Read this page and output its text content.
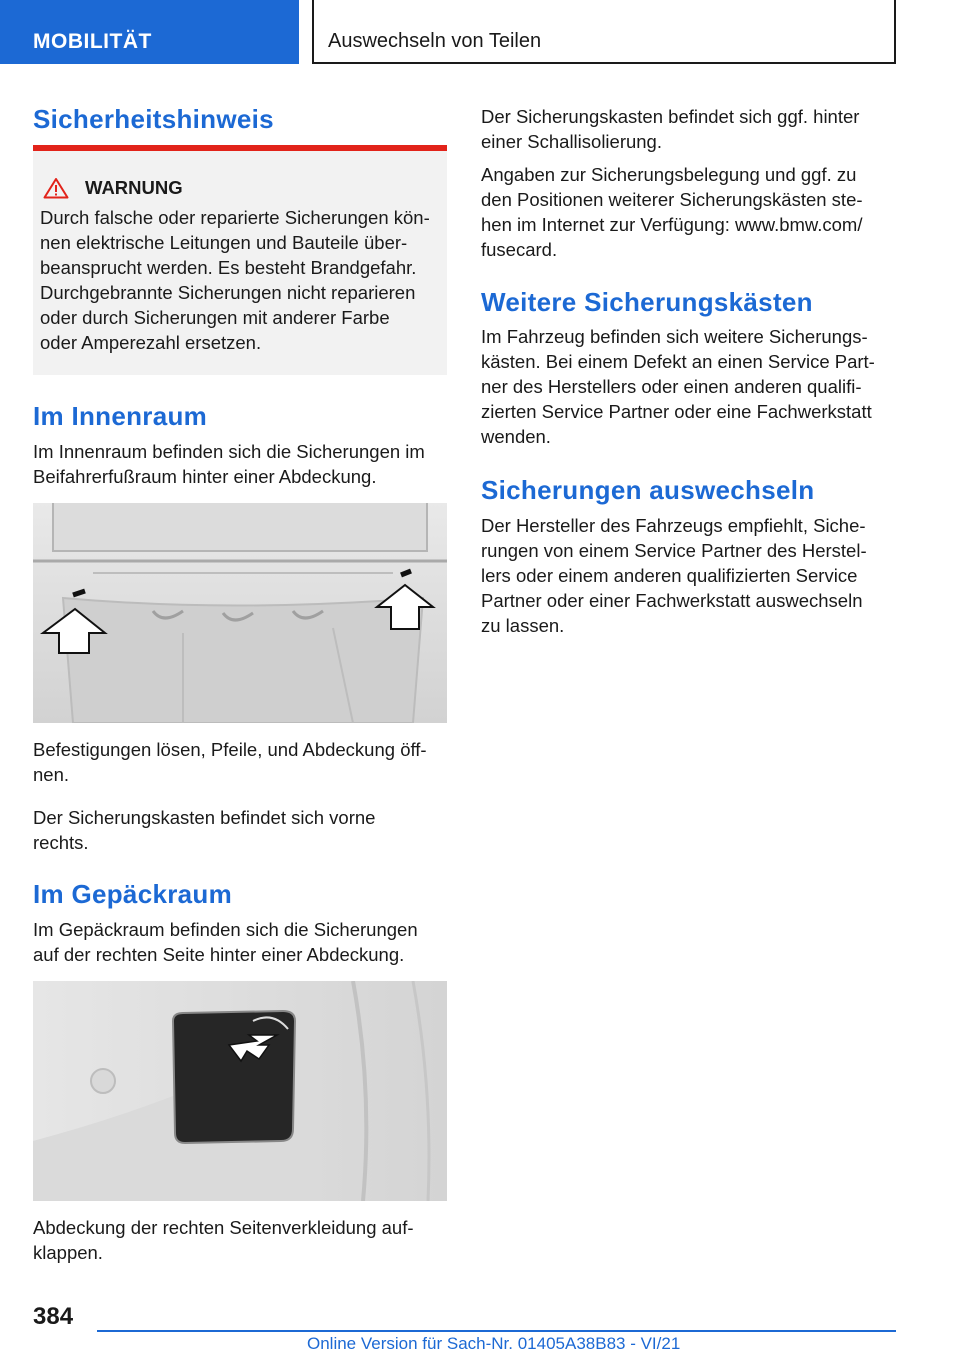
MOBILITÄT	Auswechseln von Teilen
Sicherheitshinweis
WARNUNG
Durch falsche oder reparierte Sicherungen kön-
nen elektrische Leitungen und Bauteile über-
beansprucht werden. Es besteht Brandgefahr.
Durchgebrannte Sicherungen nicht reparieren
oder durch Sicherungen mit anderer Farbe
oder Amperezahl ersetzen.
Im Innenraum

Im Innenraum befinden sich die Sicherungen im
Beifahrerfußraum hinter einer Abdeckung.

Befestigungen lösen, Pfeile, und Abdeckung öff-
nen.

Der Sicherungskasten befindet sich vorne
rechts.

Im Gepäckraum

Im Gepäckraum befinden sich die Sicherungen
auf der rechten Seite hinter einer Abdeckung.

Abdeckung der rechten Seitenverkleidung auf-
klappen.

Der Sicherungskasten befindet sich ggf. hinter
einer Schallisolierung.

Angaben zur Sicherungsbelegung und ggf. zu
den Positionen weiterer Sicherungskästen ste-
hen im Internet zur Verfügung: www.bmw.com/
fusecard.

Weitere Sicherungskästen

Im Fahrzeug befinden sich weitere Sicherungs-
kästen. Bei einem Defekt an einen Service Part-
ner des Herstellers oder einen anderen qualifi-
zierten Service Partner oder eine Fachwerkstatt
wenden.

Sicherungen auswechseln

Der Hersteller des Fahrzeugs empfiehlt, Siche-
rungen von einem Service Partner des Herstel-
lers oder einem anderen qualifizierten Service
Partner oder einer Fachwerkstatt auswechseln
zu lassen.

384
Online Version für Sach-Nr. 01405A38B83 - VI/21
